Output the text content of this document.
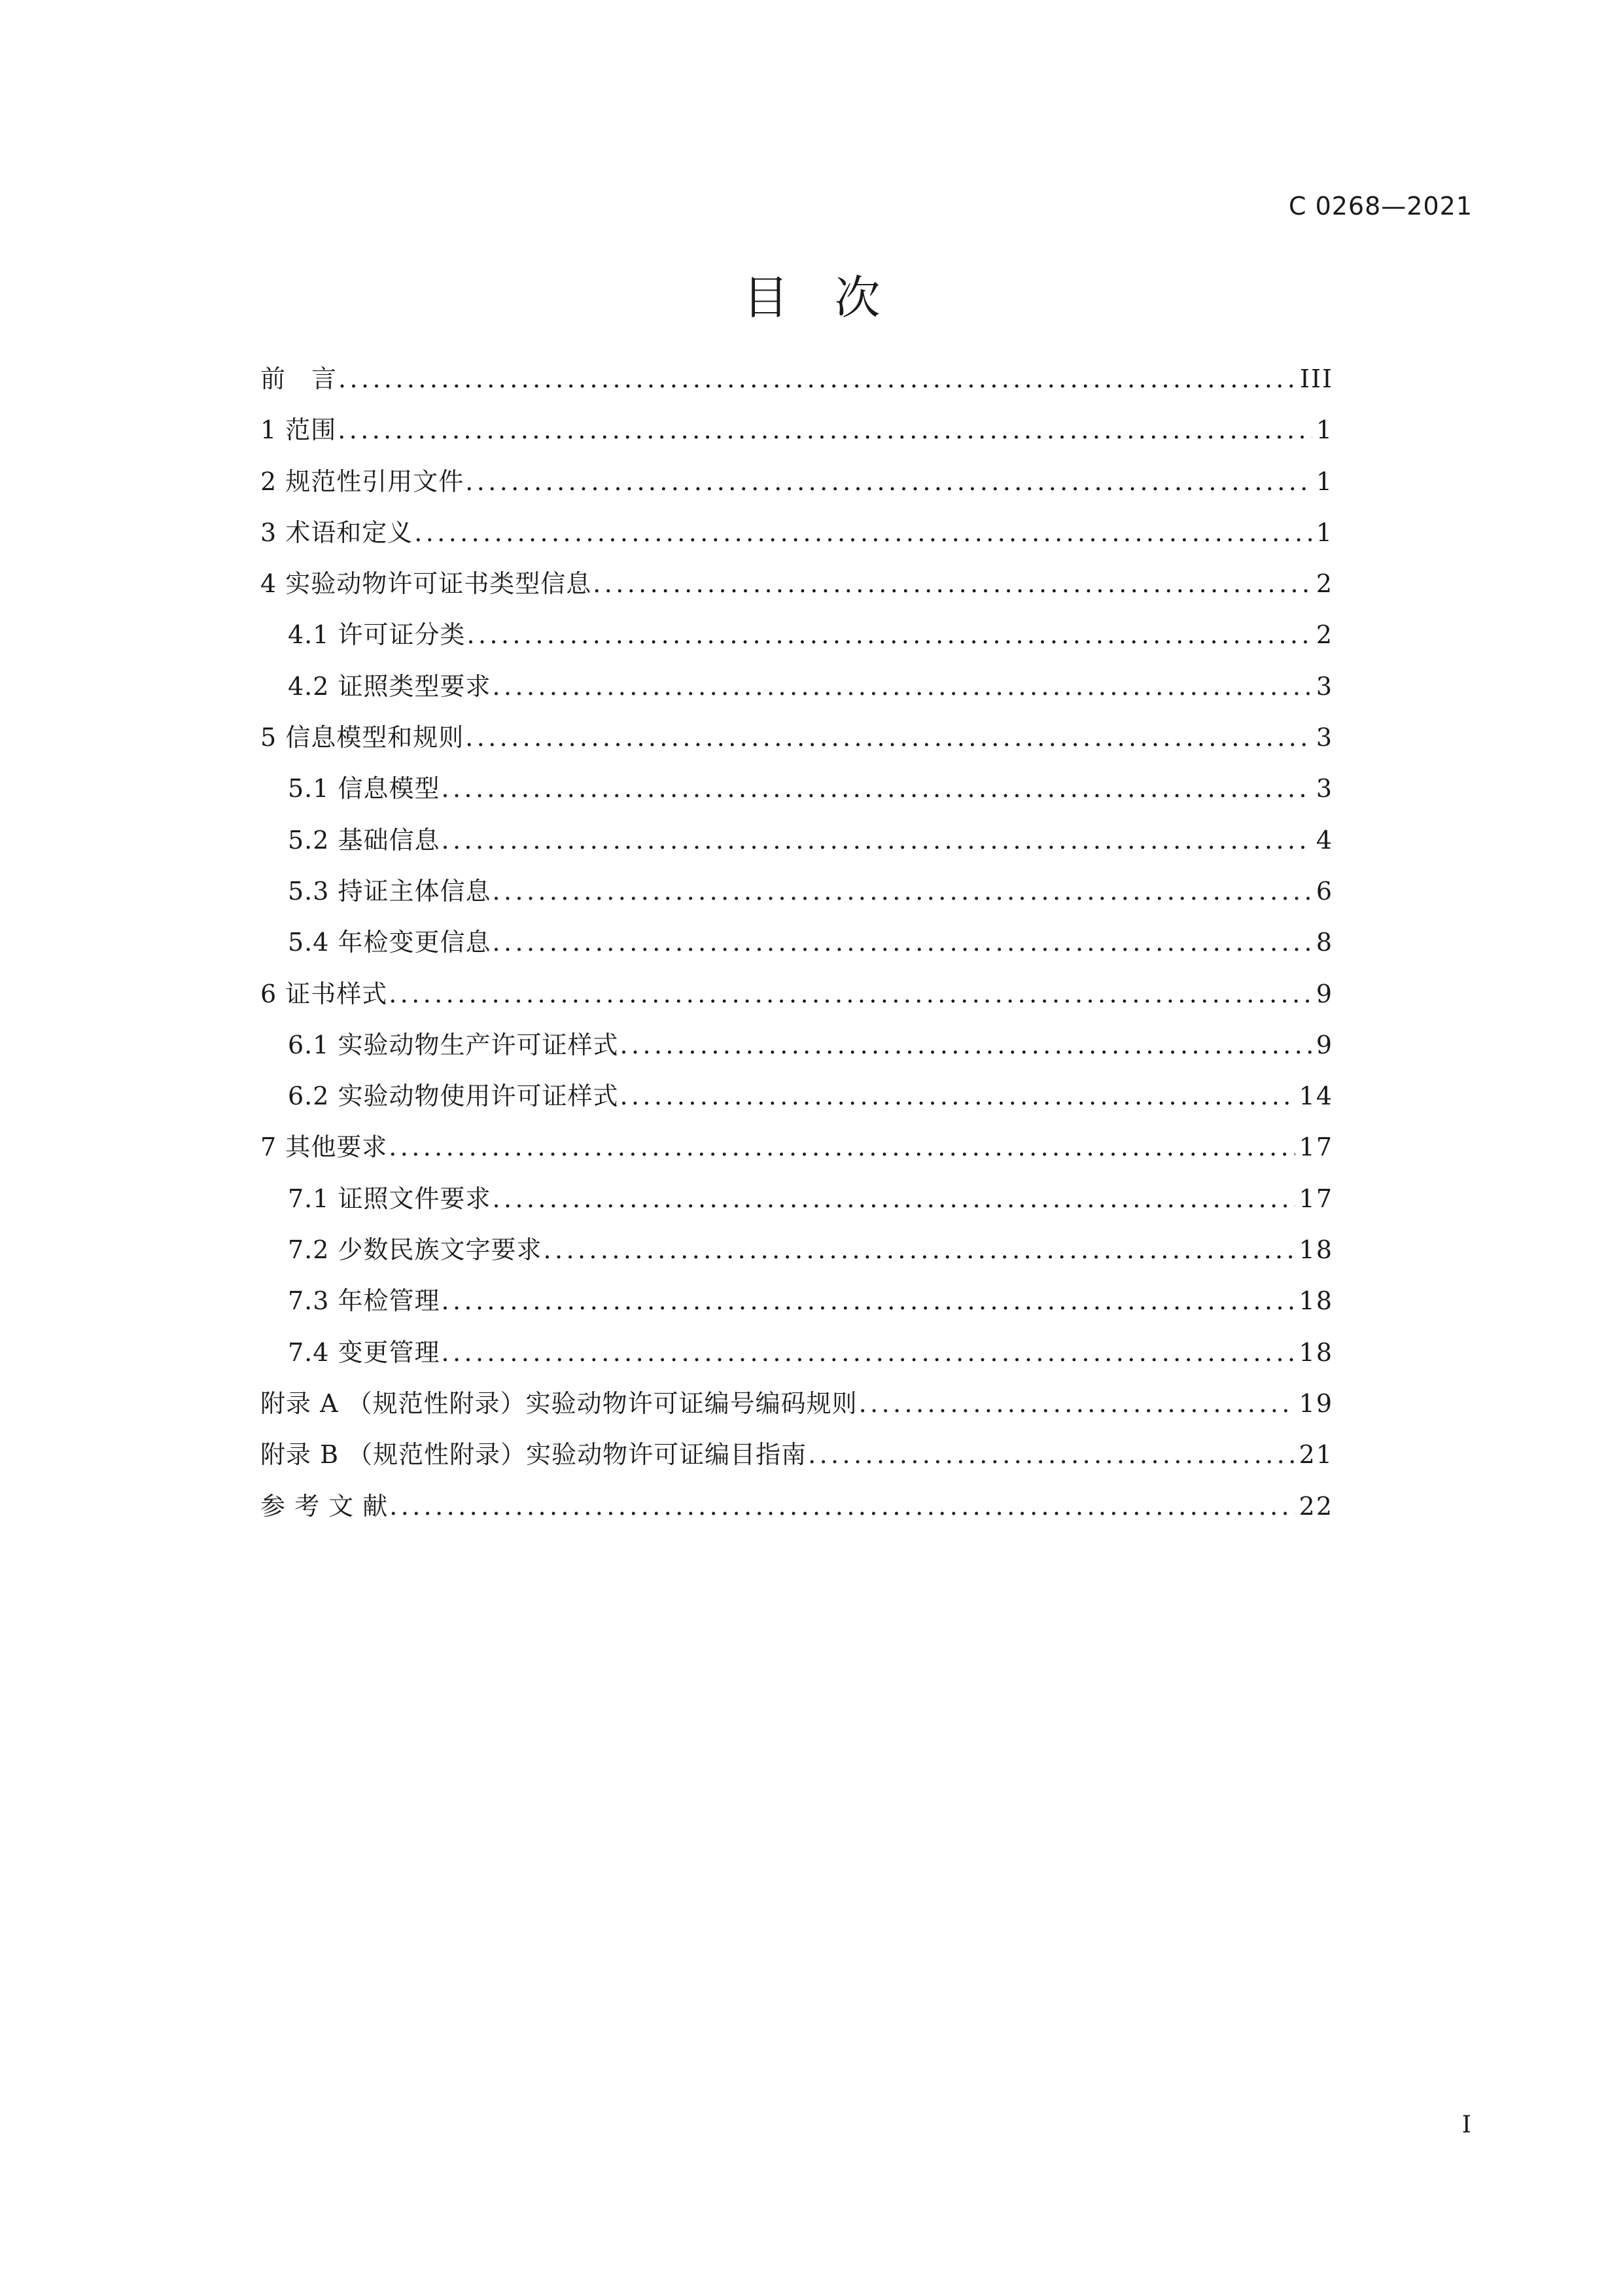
C 0268—2021
目　次
前　言 .....	III
1 范围 .....	1
2 规范性引用文件 .....	1
3 术语和定义 .....	1
4 实验动物许可证书类型信息 .....	2
4.1 许可证分类 .....	2
4.2 证照类型要求 .....	3
5 信息模型和规则 .....	3
5.1 信息模型 .....	3
5.2 基础信息 .....	4
5.3 持证主体信息 .....	6
5.4 年检变更信息 .....	8
6 证书样式 .....	9
6.1 实验动物生产许可证样式 .....	9
6.2 实验动物使用许可证样式 .....	14
7 其他要求 .....	17
7.1 证照文件要求 .....	17
7.2 少数民族文字要求 .....	18
7.3 年检管理 .....	18
7.4 变更管理 .....	18
附录 A （规范性附录）实验动物许可证编号编码规则 .....	19
附录 B （规范性附录）实验动物许可证编目指南 .....	21
参 考 文 献 .....	22
I
